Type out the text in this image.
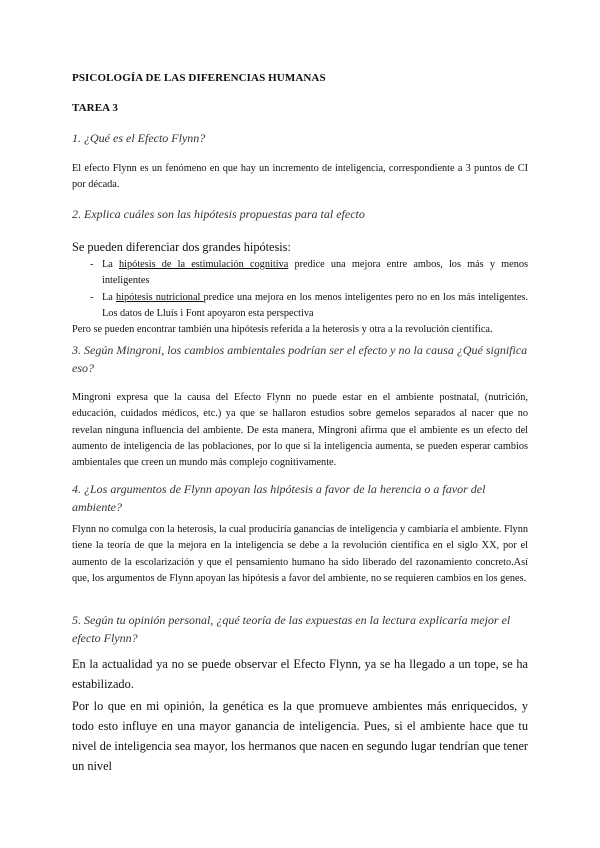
PSICOLOGÍA DE LAS DIFERENCIAS HUMANAS
TAREA 3
1. ¿Qué es el Efecto Flynn?

El efecto Flynn es un fenómeno en que hay un incremento de inteligencia, correspondiente a 3 puntos de CI por década.

2. Explica cuáles son las hipótesis propuestas para tal efecto
Se pueden diferenciar dos grandes hipótesis:
- La hipótesis de la estimulación cognitiva predice una mejora entre ambos, los más y menos inteligentes
- La hipótesis nutricional predice una mejora en los menos inteligentes pero no en los más inteligentes. Los datos de Lluís i Font apoyaron esta perspectiva
Pero se pueden encontrar también una hipótesis referida a la heterosis y otra a la revolución científica.
3. Según Mingroni, los cambios ambientales podrían ser el efecto y no la causa ¿Qué significa eso?

Mingroni expresa que la causa del Efecto Flynn no puede estar en el ambiente postnatal, (nutrición, educación, cuidados médicos, etc.) ya que se hallaron estudios sobre gemelos separados al nacer que no revelan ninguna influencia del ambiente. De esta manera, Mingroni afirma que el ambiente es un efecto del aumento de inteligencia de las poblaciones, por lo que si la inteligencia aumenta, se pueden esperar cambios ambientales que creen un mundo más complejo cognitivamente.

4. ¿Los argumentos de Flynn apoyan las hipótesis a favor de la herencia o a favor del ambiente?

Flynn no comulga con la heterosis, la cual produciría ganancias de inteligencia y cambiaría el ambiente. Flynn tiene la teoría de que la mejora en la inteligencia se debe a la revolución científica en el siglo XX, por el aumento de la escolarización y que el pensamiento humano ha sido liberado del razonamiento concreto.Así que, los argumentos de Flynn apoyan las hipótesis a favor del ambiente, no se requieren cambios en los genes.

5. Según tu opinión personal, ¿qué teoría de las expuestas en la lectura explicaría mejor el efecto Flynn?

En la actualidad ya no se puede observar el Efecto Flynn, ya se ha llegado a un tope, se ha estabilizado.

Por lo que en mi opinión, la genética es la que promueve ambientes más enriquecidos, y todo esto influye en una mayor ganancia de inteligencia. Pues, si el ambiente hace que tu nivel de inteligencia sea mayor, los hermanos que nacen en segundo lugar tendrían que tener un nivel
